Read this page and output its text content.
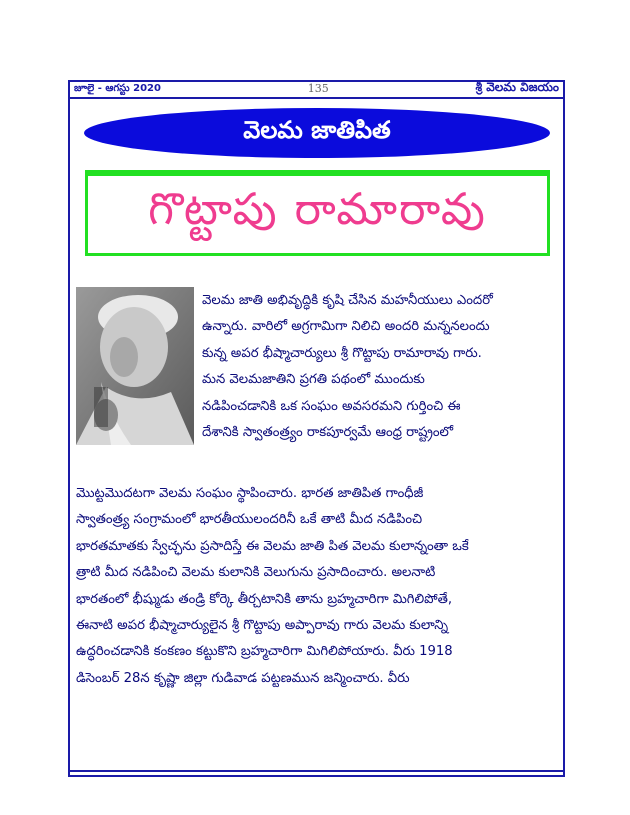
జూలై - ఆగస్టు 2020	135	శ్రీ వెలమ విజయం
వెలమ జాతిపిత
గొట్టాపు రామారావు
వెలమ జాతి అభివృద్ధికి కృషి చేసిన మహనీయులు ఎందరో
ఉన్నారు. వారిలో అగ్రగామిగా నిలిచి అందరి మన్ననలందు
కున్న అపర భీష్మాచార్యులు శ్రీ గొట్టాపు రామారావు గారు.
మన వెలమజాతిని ప్రగతి పథంలో ముందుకు
నడిపించడానికి ఒక సంఘం అవసరమని గుర్తించి ఈ
దేశానికి స్వాతంత్ర్యం రాకపూర్వమే ఆంధ్ర రాష్ట్రంలో
మొట్టమొదటగా వెలమ సంఘం స్థాపించారు. భారత జాతిపిత గాంధీజీ
స్వాతంత్ర్య సంగ్రామంలో భారతీయులందరినీ ఒకే తాటి మీద నడిపించి
భారతమాతకు స్వేచ్ఛను ప్రసాదిస్తే ఈ వెలమ జాతి పిత వెలమ కులాన్నంతా ఒకే
త్రాటి మీద నడిపించి వెలమ కులానికి వెలుగును ప్రసాదించారు. అలనాటి
భారతంలో భీష్ముడు తండ్రి కోర్కె తీర్చటానికి తాను బ్రహ్మచారిగా మిగిలిపోతే,
ఈనాటి అపర భీష్మాచార్యులైన శ్రీ గొట్టాపు అప్పారావు గారు వెలమ కులాన్ని
ఉద్ధరించడానికి కంకణం కట్టుకొని బ్రహ్మచారిగా మిగిలిపోయారు. వీరు 1918
డిసెంబర్ 28న కృష్ణా జిల్లా గుడివాడ పట్టణమున జన్మించారు. వీరు
